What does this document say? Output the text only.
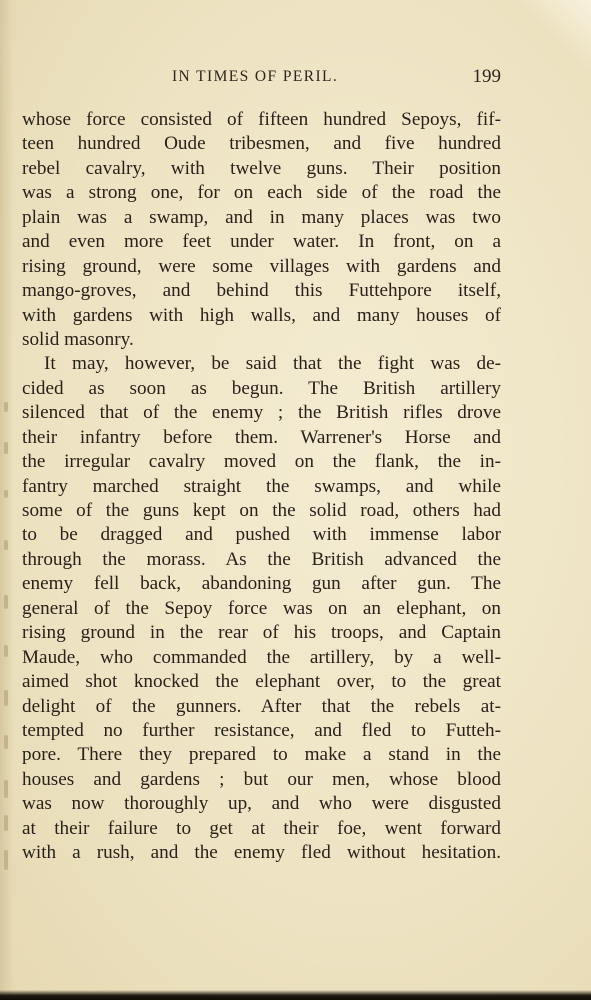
IN TIMES OF PERIL.	199
whose force consisted of fifteen hundred Sepoys, fif-
teen hundred Oude tribesmen, and five hundred
rebel cavalry, with twelve guns. Their position
was a strong one, for on each side of the road the
plain was a swamp, and in many places was two
and even more feet under water. In front, on a
rising ground, were some villages with gardens and
mango-groves, and behind this Futtehpore itself,
with gardens with high walls, and many houses of
solid masonry.
It may, however, be said that the fight was de-
cided as soon as begun. The British artillery
silenced that of the enemy ; the British rifles drove
their infantry before them. Warrener's Horse and
the irregular cavalry moved on the flank, the in-
fantry marched straight the swamps, and while
some of the guns kept on the solid road, others had
to be dragged and pushed with immense labor
through the morass. As the British advanced the
enemy fell back, abandoning gun after gun. The
general of the Sepoy force was on an elephant, on
rising ground in the rear of his troops, and Captain
Maude, who commanded the artillery, by a well-
aimed shot knocked the elephant over, to the great
delight of the gunners. After that the rebels at-
tempted no further resistance, and fled to Futteh-
pore. There they prepared to make a stand in the
houses and gardens ; but our men, whose blood
was now thoroughly up, and who were disgusted
at their failure to get at their foe, went forward
with a rush, and the enemy fled without hesitation.
